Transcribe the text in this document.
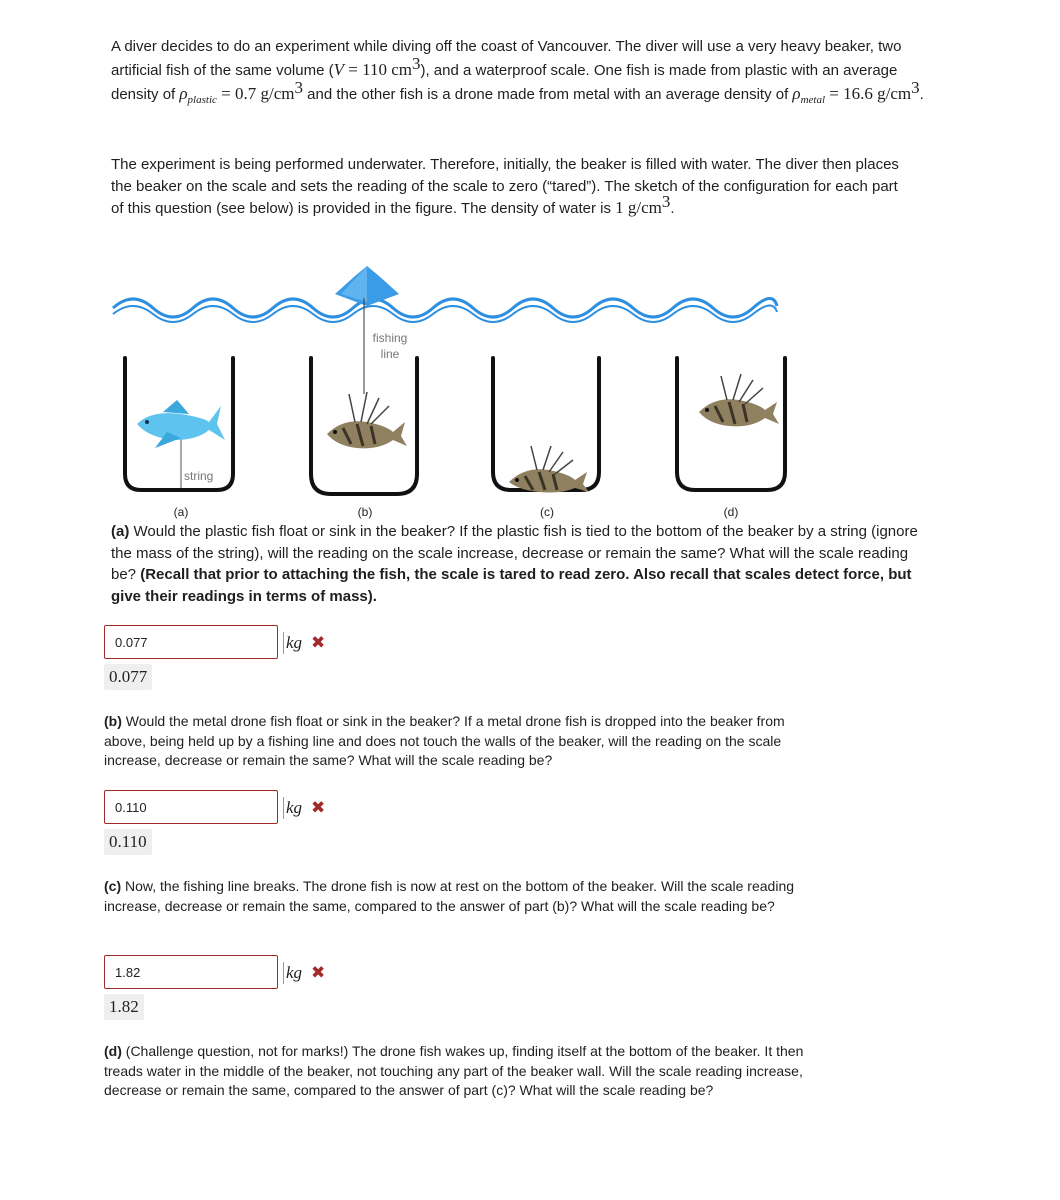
A diver decides to do an experiment while diving off the coast of Vancouver. The diver will use a very heavy beaker, two artificial fish of the same volume (V = 110 $cm^3$), and a waterproof scale. One fish is made from plastic with an average density of $\rho_{plastic} = 0.7$ $g/cm^3$ and the other fish is a drone made from metal with an average density of $\rho_{metal} = 16.6$ $g/cm^3$.
The experiment is being performed underwater. Therefore, initially, the beaker is filled with water. The diver then places the beaker on the scale and sets the reading of the scale to zero (“tared”). The sketch of the configuration for each part of this question (see below) is provided in the figure. The density of water is 1 $g/cm^3$.
fishing
line
string
(a)	(b)	(c)	(d)
(a) Would the plastic fish float or sink in the beaker? If the plastic fish is tied to the bottom of the beaker by a string (ignore the mass of the string), will the reading on the scale increase, decrease or remain the same? What will the scale reading be? (Recall that prior to attaching the fish, the scale is tared to read zero. Also recall that scales detect force, but give their readings in terms of mass).
0.077
kg ✖
0.077
(b) Would the metal drone fish float or sink in the beaker? If a metal drone fish is dropped into the beaker from above, being held up by a fishing line and does not touch the walls of the beaker, will the reading on the scale increase, decrease or remain the same? What will the scale reading be?
0.110
kg ✖
0.110
(c) Now, the fishing line breaks. The drone fish is now at rest on the bottom of the beaker. Will the scale reading increase, decrease or remain the same, compared to the answer of part (b)? What will the scale reading be?
1.82
kg ✖
1.82
(d) (Challenge question, not for marks!) The drone fish wakes up, finding itself at the bottom of the beaker. It then treads water in the middle of the beaker, not touching any part of the beaker wall. Will the scale reading increase, decrease or remain the same, compared to the answer of part (c)? What will the scale reading be?
